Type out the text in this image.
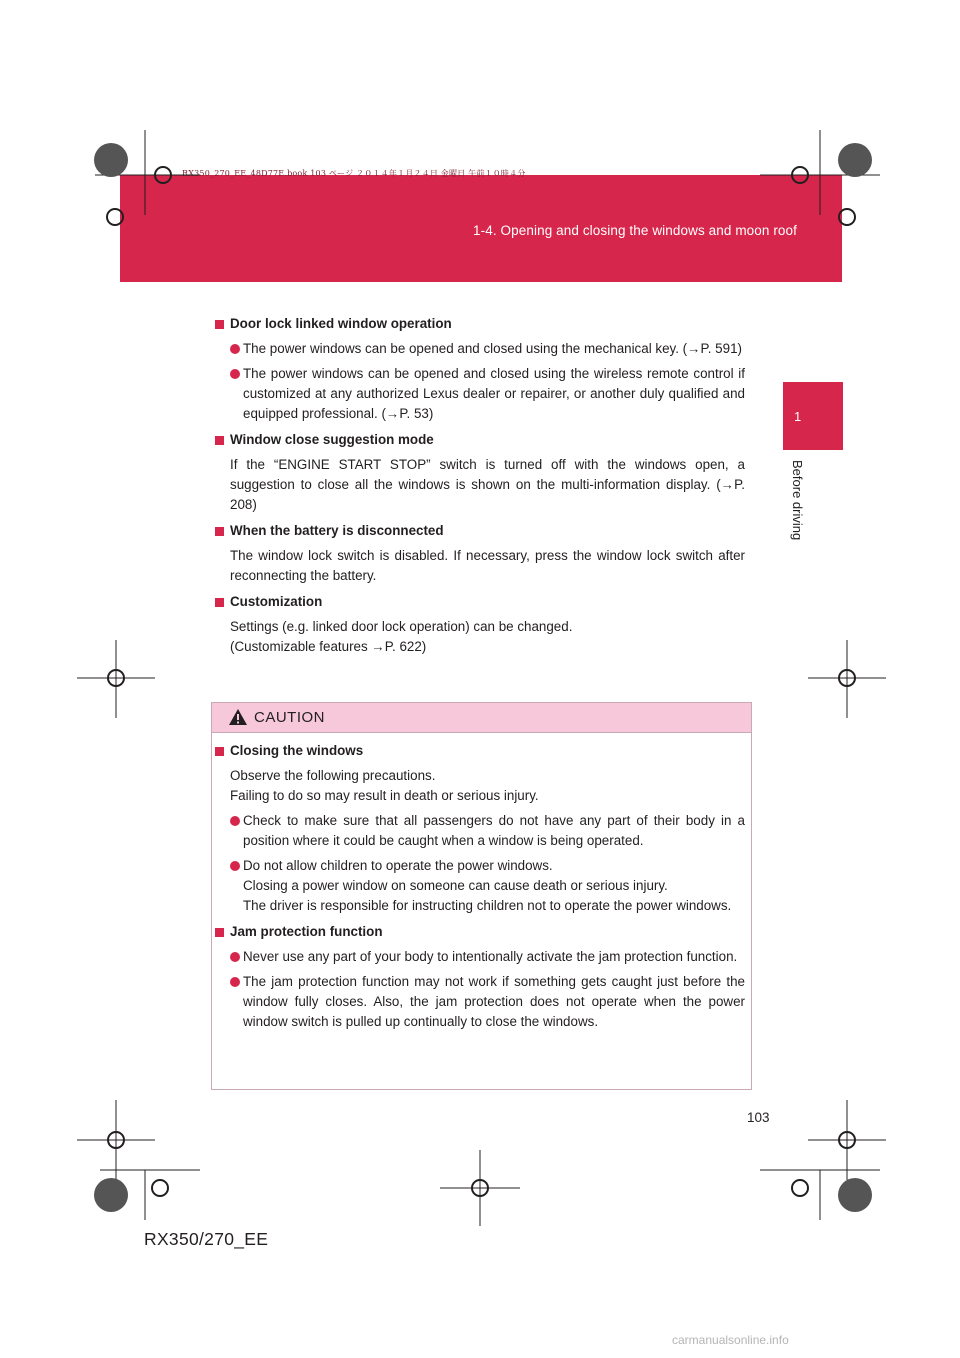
1-4. Opening and closing the windows and moon roof
RX350_270_EE_48D77E.book 103 ページ ２０１４年１月２４日 金曜日 午前１０時４分
1
Before driving
Door lock linked window operation
The power windows can be opened and closed using the mechanical key. (→P. 591)
The power windows can be opened and closed using the wireless remote control if customized at any authorized Lexus dealer or repairer, or another duly qualified and equipped professional. (→P. 53)
Window close suggestion mode
If the “ENGINE START STOP” switch is turned off with the windows open, a suggestion to close all the windows is shown on the multi-information display. (→P. 208)
When the battery is disconnected
The window lock switch is disabled. If necessary, press the window lock switch after reconnecting the battery.
Customization
Settings (e.g. linked door lock operation) can be changed.
(Customizable features →P. 622)
CAUTION
Closing the windows
Observe the following precautions.
Failing to do so may result in death or serious injury.
Check to make sure that all passengers do not have any part of their body in a position where it could be caught when a window is being operated.
Do not allow children to operate the power windows.
Closing a power window on someone can cause death or serious injury.
The driver is responsible for instructing children not to operate the power windows.
Jam protection function
Never use any part of your body to intentionally activate the jam protection function.
The jam protection function may not work if something gets caught just before the window fully closes. Also, the jam protection does not operate when the power window switch is pulled up continually to close the windows.
103
RX350/270_EE
carmanualsonline.info
